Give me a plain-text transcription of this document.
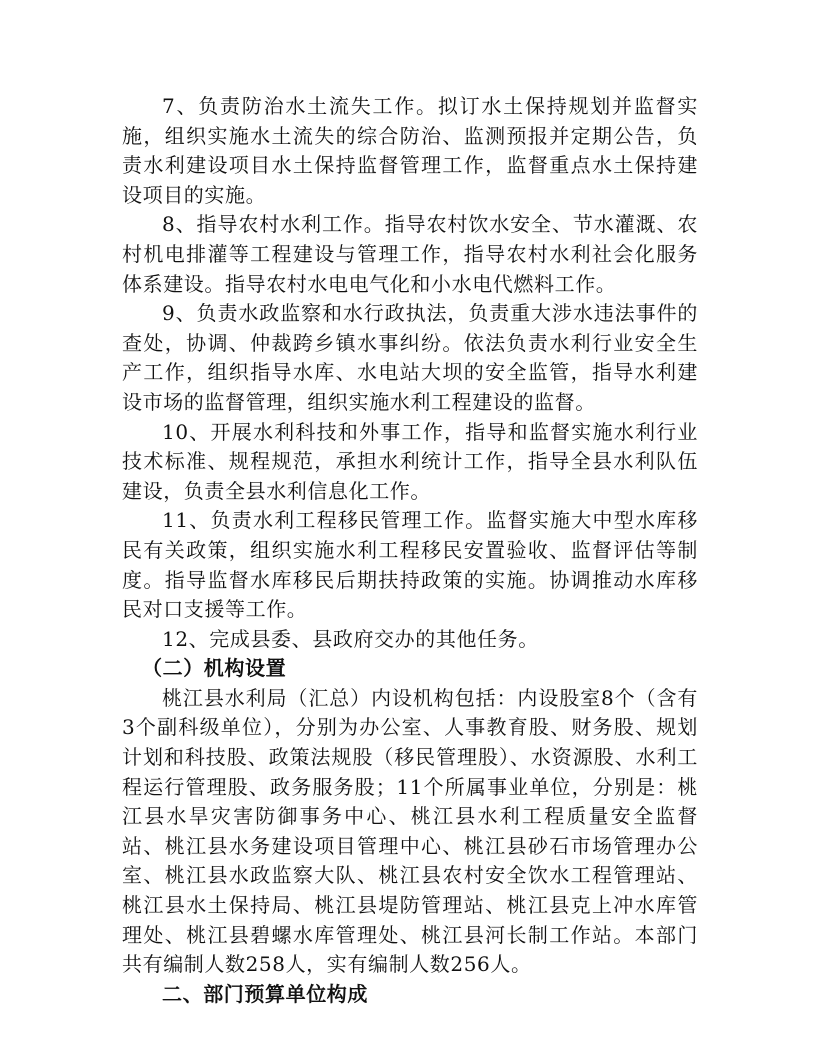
7、负责防治水土流失工作。拟订水土保持规划并监督实施，组织实施水土流失的综合防治、监测预报并定期公告，负责水利建设项目水土保持监督管理工作，监督重点水土保持建设项目的实施。

8、指导农村水利工作。指导农村饮水安全、节水灌溉、农村机电排灌等工程建设与管理工作，指导农村水利社会化服务体系建设。指导农村水电电气化和小水电代燃料工作。

9、负责水政监察和水行政执法，负责重大涉水违法事件的查处，协调、仲裁跨乡镇水事纠纷。依法负责水利行业安全生产工作，组织指导水库、水电站大坝的安全监管，指导水利建设市场的监督管理，组织实施水利工程建设的监督。

10、开展水利科技和外事工作，指导和监督实施水利行业技术标准、规程规范，承担水利统计工作，指导全县水利队伍建设，负责全县水利信息化工作。

11、负责水利工程移民管理工作。监督实施大中型水库移民有关政策，组织实施水利工程移民安置验收、监督评估等制度。指导监督水库移民后期扶持政策的实施。协调推动水库移民对口支援等工作。

12、完成县委、县政府交办的其他任务。

（二）机构设置

桃江县水利局（汇总）内设机构包括：内设股室8个（含有3个副科级单位），分别为办公室、人事教育股、财务股、规划计划和科技股、政策法规股（移民管理股）、水资源股、水利工程运行管理股、政务服务股；11个所属事业单位，分别是：桃江县水旱灾害防御事务中心、桃江县水利工程质量安全监督站、桃江县水务建设项目管理中心、桃江县砂石市场管理办公室、桃江县水政监察大队、桃江县农村安全饮水工程管理站、桃江县水土保持局、桃江县堤防管理站、桃江县克上冲水库管理处、桃江县碧螺水库管理处、桃江县河长制工作站。本部门共有编制人数258人，实有编制人数256人。

二、部门预算单位构成
